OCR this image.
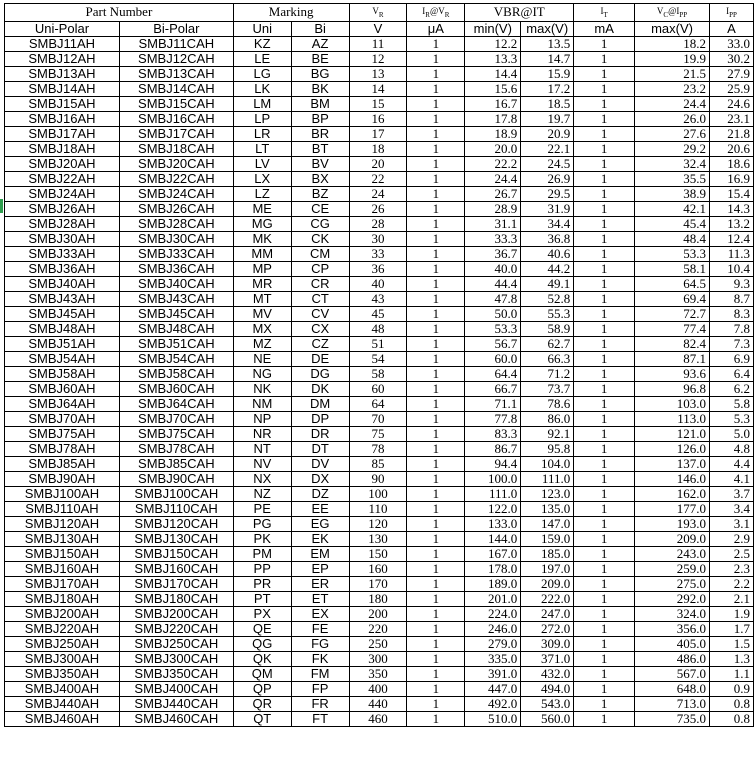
Part Number		Marking		$V_R$	$I_R@V_R$	VBR@IT		$I_T$	$V_C@I_{PP}$	$I_{PP}$
Uni-Polar	Bi-Polar	Uni	Bi	V	μA	min(V)	max(V)	mA	max(V)	A
SMBJ11AH	SMBJ11CAH	KZ	AZ	11	1	12.2	13.5	1	18.2	33.0
SMBJ12AH	SMBJ12CAH	LE	BE	12	1	13.3	14.7	1	19.9	30.2
SMBJ13AH	SMBJ13CAH	LG	BG	13	1	14.4	15.9	1	21.5	27.9
SMBJ14AH	SMBJ14CAH	LK	BK	14	1	15.6	17.2	1	23.2	25.9
SMBJ15AH	SMBJ15CAH	LM	BM	15	1	16.7	18.5	1	24.4	24.6
SMBJ16AH	SMBJ16CAH	LP	BP	16	1	17.8	19.7	1	26.0	23.1
SMBJ17AH	SMBJ17CAH	LR	BR	17	1	18.9	20.9	1	27.6	21.8
SMBJ18AH	SMBJ18CAH	LT	BT	18	1	20.0	22.1	1	29.2	20.6
SMBJ20AH	SMBJ20CAH	LV	BV	20	1	22.2	24.5	1	32.4	18.6
SMBJ22AH	SMBJ22CAH	LX	BX	22	1	24.4	26.9	1	35.5	16.9
SMBJ24AH	SMBJ24CAH	LZ	BZ	24	1	26.7	29.5	1	38.9	15.4
SMBJ26AH	SMBJ26CAH	ME	CE	26	1	28.9	31.9	1	42.1	14.3
SMBJ28AH	SMBJ28CAH	MG	CG	28	1	31.1	34.4	1	45.4	13.2
SMBJ30AH	SMBJ30CAH	MK	CK	30	1	33.3	36.8	1	48.4	12.4
SMBJ33AH	SMBJ33CAH	MM	CM	33	1	36.7	40.6	1	53.3	11.3
SMBJ36AH	SMBJ36CAH	MP	CP	36	1	40.0	44.2	1	58.1	10.4
SMBJ40AH	SMBJ40CAH	MR	CR	40	1	44.4	49.1	1	64.5	9.3
SMBJ43AH	SMBJ43CAH	MT	CT	43	1	47.8	52.8	1	69.4	8.7
SMBJ45AH	SMBJ45CAH	MV	CV	45	1	50.0	55.3	1	72.7	8.3
SMBJ48AH	SMBJ48CAH	MX	CX	48	1	53.3	58.9	1	77.4	7.8
SMBJ51AH	SMBJ51CAH	MZ	CZ	51	1	56.7	62.7	1	82.4	7.3
SMBJ54AH	SMBJ54CAH	NE	DE	54	1	60.0	66.3	1	87.1	6.9
SMBJ58AH	SMBJ58CAH	NG	DG	58	1	64.4	71.2	1	93.6	6.4
SMBJ60AH	SMBJ60CAH	NK	DK	60	1	66.7	73.7	1	96.8	6.2
SMBJ64AH	SMBJ64CAH	NM	DM	64	1	71.1	78.6	1	103.0	5.8
SMBJ70AH	SMBJ70CAH	NP	DP	70	1	77.8	86.0	1	113.0	5.3
SMBJ75AH	SMBJ75CAH	NR	DR	75	1	83.3	92.1	1	121.0	5.0
SMBJ78AH	SMBJ78CAH	NT	DT	78	1	86.7	95.8	1	126.0	4.8
SMBJ85AH	SMBJ85CAH	NV	DV	85	1	94.4	104.0	1	137.0	4.4
SMBJ90AH	SMBJ90CAH	NX	DX	90	1	100.0	111.0	1	146.0	4.1
SMBJ100AH	SMBJ100CAH	NZ	DZ	100	1	111.0	123.0	1	162.0	3.7
SMBJ110AH	SMBJ110CAH	PE	EE	110	1	122.0	135.0	1	177.0	3.4
SMBJ120AH	SMBJ120CAH	PG	EG	120	1	133.0	147.0	1	193.0	3.1
SMBJ130AH	SMBJ130CAH	PK	EK	130	1	144.0	159.0	1	209.0	2.9
SMBJ150AH	SMBJ150CAH	PM	EM	150	1	167.0	185.0	1	243.0	2.5
SMBJ160AH	SMBJ160CAH	PP	EP	160	1	178.0	197.0	1	259.0	2.3
SMBJ170AH	SMBJ170CAH	PR	ER	170	1	189.0	209.0	1	275.0	2.2
SMBJ180AH	SMBJ180CAH	PT	ET	180	1	201.0	222.0	1	292.0	2.1
SMBJ200AH	SMBJ200CAH	PX	EX	200	1	224.0	247.0	1	324.0	1.9
SMBJ220AH	SMBJ220CAH	QE	FE	220	1	246.0	272.0	1	356.0	1.7
SMBJ250AH	SMBJ250CAH	QG	FG	250	1	279.0	309.0	1	405.0	1.5
SMBJ300AH	SMBJ300CAH	QK	FK	300	1	335.0	371.0	1	486.0	1.3
SMBJ350AH	SMBJ350CAH	QM	FM	350	1	391.0	432.0	1	567.0	1.1
SMBJ400AH	SMBJ400CAH	QP	FP	400	1	447.0	494.0	1	648.0	0.9
SMBJ440AH	SMBJ440CAH	QR	FR	440	1	492.0	543.0	1	713.0	0.8
SMBJ460AH	SMBJ460CAH	QT	FT	460	1	510.0	560.0	1	735.0	0.8
